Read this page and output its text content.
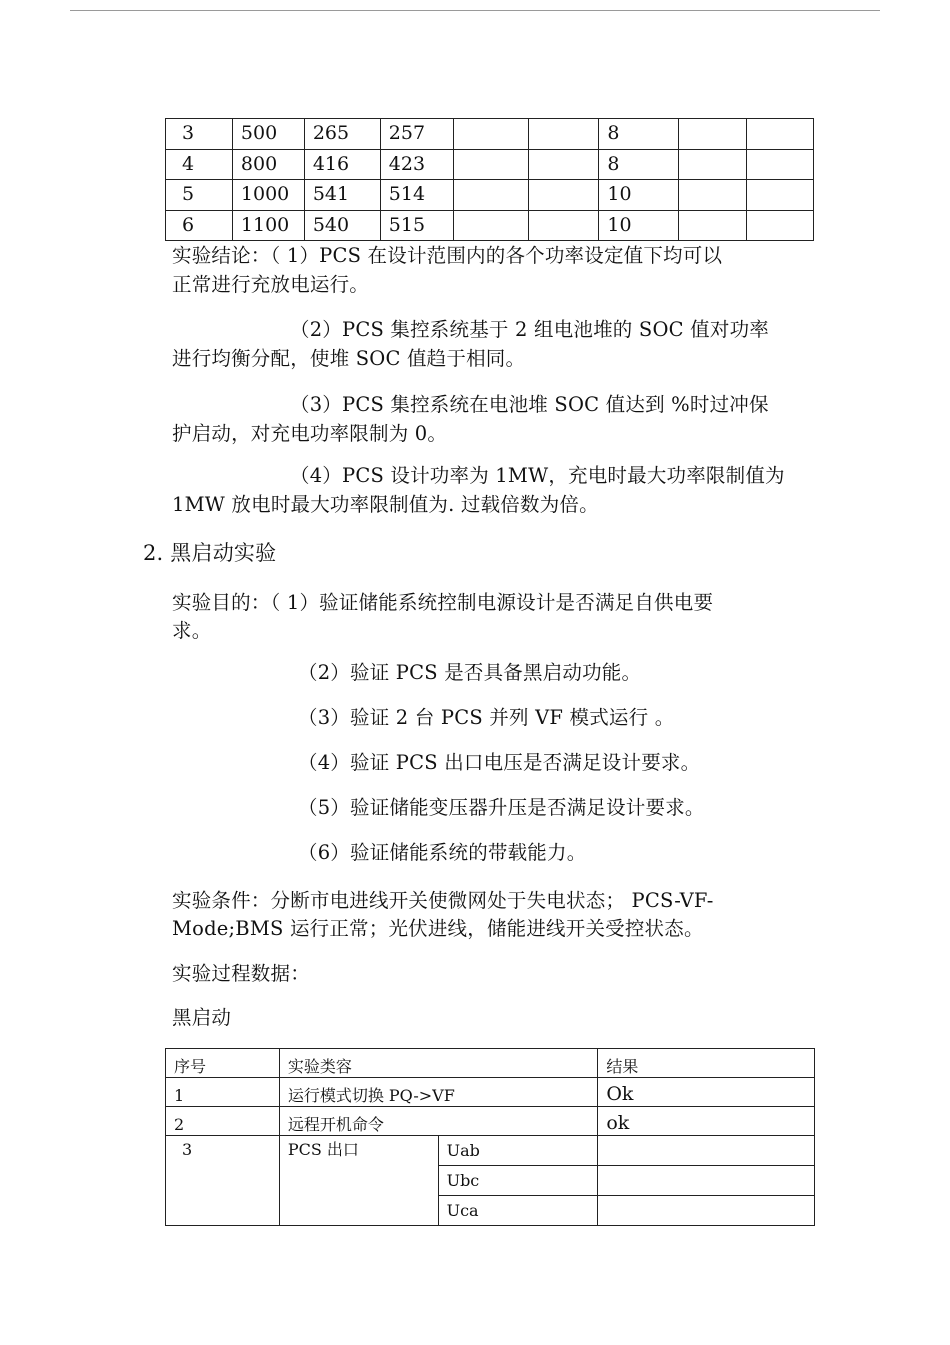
3	500	265	257			8		
4	800	416	423			8		
5	1000	541	514			10		
6	1100	540	515			10		
实验结论：（ 1）PCS 在设计范围内的各个功率设定值下均可以
正常进行充放电运行。
（2）PCS 集控系统基于 2 组电池堆的 SOC 值对功率
进行均衡分配，使堆 SOC 值趋于相同。
（3）PCS 集控系统在电池堆 SOC 值达到 %时过冲保
护启动，对充电功率限制为 0。
（4）PCS 设计功率为 1MW，充电时最大功率限制值为
1MW 放电时最大功率限制值为. 过载倍数为倍。
2. 黑启动实验
实验目的：（ 1）验证储能系统控制电源设计是否满足自供电要
求。
（2）验证 PCS 是否具备黑启动功能。
（3）验证 2 台 PCS 并列 VF 模式运行 。
（4）验证 PCS 出口电压是否满足设计要求。
（5）验证储能变压器升压是否满足设计要求。
（6）验证储能系统的带载能力。
实验条件：分断市电进线开关使微网处于失电状态； PCS-VF-
Mode;BMS 运行正常；光伏进线，储能进线开关受控状态。
实验过程数据：
黑启动
序号	实验类容		结果
1	运行模式切换 PQ->VF		Ok
2	远程开机命令		ok
3	PCS 出口	Uab	
		Ubc	
		Uca	
